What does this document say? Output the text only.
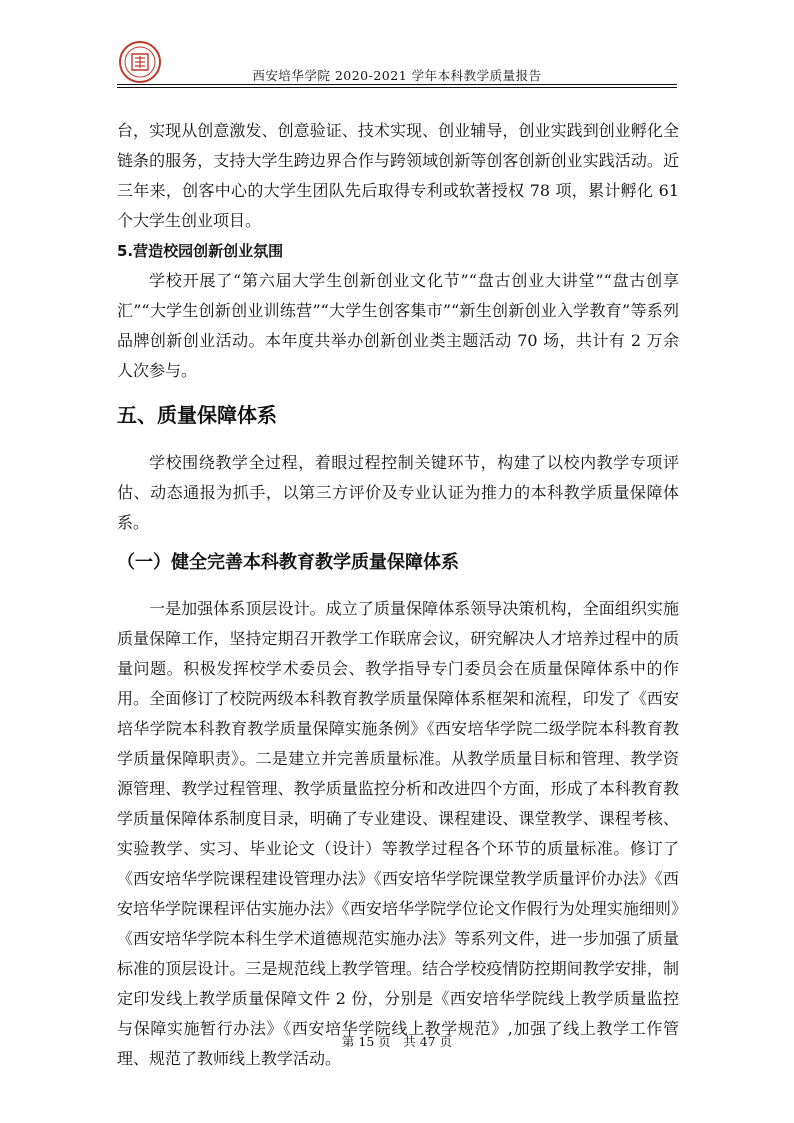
西安培华学院 2020-2021 学年本科教学质量报告

台，实现从创意激发、创意验证、技术实现、创业辅导，创业实践到创业孵化全链条的服务，支持大学生跨边界合作与跨领域创新等创客创新创业实践活动。近三年来，创客中心的大学生团队先后取得专利或软著授权 78 项，累计孵化 61 个大学生创业项目。

5.营造校园创新创业氛围

学校开展了“第六届大学生创新创业文化节”“盘古创业大讲堂”“盘古创享汇”“大学生创新创业训练营”“大学生创客集市”“新生创新创业入学教育”等系列品牌创新创业活动。本年度共举办创新创业类主题活动 70 场，共计有 2 万余人次参与。

五、质量保障体系

学校围绕教学全过程，着眼过程控制关键环节，构建了以校内教学专项评估、动态通报为抓手，以第三方评价及专业认证为推力的本科教学质量保障体系。

（一）健全完善本科教育教学质量保障体系

一是加强体系顶层设计。成立了质量保障体系领导决策机构，全面组织实施质量保障工作，坚持定期召开教学工作联席会议，研究解决人才培养过程中的质量问题。积极发挥校学术委员会、教学指导专门委员会在质量保障体系中的作用。全面修订了校院两级本科教育教学质量保障体系框架和流程，印发了《西安培华学院本科教育教学质量保障实施条例》《西安培华学院二级学院本科教育教学质量保障职责》。二是建立并完善质量标准。从教学质量目标和管理、教学资源管理、教学过程管理、教学质量监控分析和改进四个方面，形成了本科教育教学质量保障体系制度目录，明确了专业建设、课程建设、课堂教学、课程考核、实验教学、实习、毕业论文（设计）等教学过程各个环节的质量标准。修订了《西安培华学院课程建设管理办法》《西安培华学院课堂教学质量评价办法》《西安培华学院课程评估实施办法》《西安培华学院学位论文作假行为处理实施细则》《西安培华学院本科生学术道德规范实施办法》等系列文件，进一步加强了质量标准的顶层设计。三是规范线上教学管理。结合学校疫情防控期间教学安排，制定印发线上教学质量保障文件 2 份，分别是《西安培华学院线上教学质量监控与保障实施暂行办法》《西安培华学院线上教学规范》,加强了线上教学工作管理、规范了教师线上教学活动。

第 15 页　共 47 页
